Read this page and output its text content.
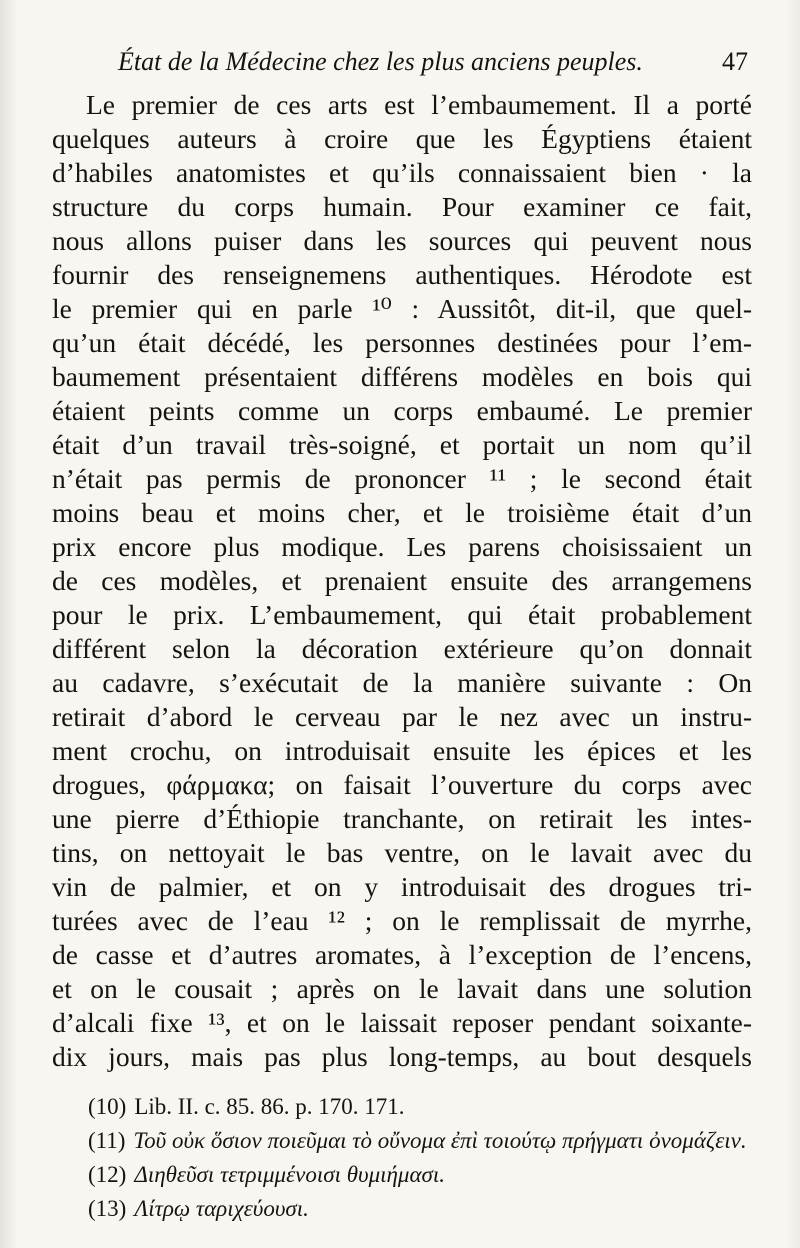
État de la Médecine chez les plus anciens peuples.	47
Le premier de ces arts est l’embaumement. Il a porté
quelques auteurs à croire que les Égyptiens étaient
d’habiles anatomistes et qu’ils connaissaient bien · la
structure du corps humain. Pour examiner ce fait,
nous allons puiser dans les sources qui peuvent nous
fournir des renseignemens authentiques. Hérodote est
le premier qui en parle ¹⁰ : Aussitôt, dit-il, que quel-
qu’un était décédé, les personnes destinées pour l’em-
baumement présentaient différens modèles en bois qui
étaient peints comme un corps embaumé. Le premier
était d’un travail très-soigné, et portait un nom qu’il
n’était pas permis de prononcer ¹¹ ; le second était
moins beau et moins cher, et le troisième était d’un
prix encore plus modique. Les parens choisissaient un
de ces modèles, et prenaient ensuite des arrangemens
pour le prix. L’embaumement, qui était probablement
différent selon la décoration extérieure qu’on donnait
au cadavre, s’exécutait de la manière suivante : On
retirait d’abord le cerveau par le nez avec un instru-
ment crochu, on introduisait ensuite les épices et les
drogues, φάρμακα; on faisait l’ouverture du corps avec
une pierre d’Éthiopie tranchante, on retirait les intes-
tins, on nettoyait le bas ventre, on le lavait avec du
vin de palmier, et on y introduisait des drogues tri-
turées avec de l’eau ¹² ; on le remplissait de myrrhe,
de casse et d’autres aromates, à l’exception de l’encens,
et on le cousait ; après on le lavait dans une solution
d’alcali fixe ¹³, et on le laissait reposer pendant soixante-
dix jours, mais pas plus long-temps, au bout desquels
(10) Lib. II. c. 85. 86. p. 170. 171.
(11) Τοῦ οὐκ ὅσιον ποιεῦμαι τὸ οὔνομα ἐπὶ τοιούτῳ πρήγματι ὀνομάζειν.
(12) Διηθεῦσι τετριμμένοισι θυμιήμασι.
(13) Λίτρῳ ταριχεύουσι.
